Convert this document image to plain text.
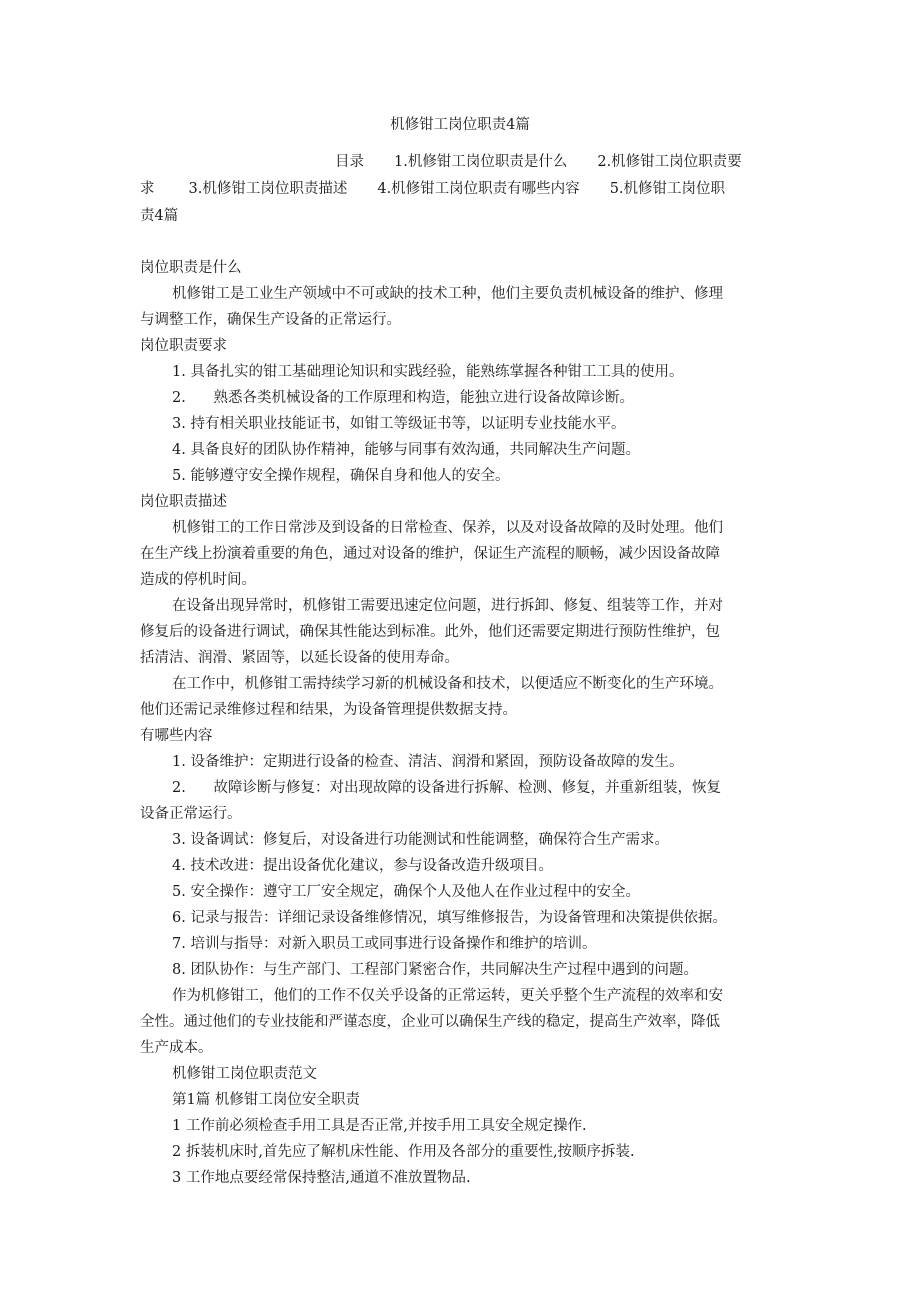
机修钳工岗位职责4篇
目录 1.机修钳工岗位职责是什么 2.机修钳工岗位职责要
求 3.机修钳工岗位职责描述 4.机修钳工岗位职责有哪些内容 5.机修钳工岗位职
责4篇
岗位职责是什么
机修钳工是工业生产领域中不可或缺的技术工种，他们主要负责机械设备的维护、修理
与调整工作，确保生产设备的正常运行。
岗位职责要求
1. 具备扎实的钳工基础理论知识和实践经验，能熟练掌握各种钳工工具的使用。
2.      熟悉各类机械设备的工作原理和构造，能独立进行设备故障诊断。
3. 持有相关职业技能证书，如钳工等级证书等，以证明专业技能水平。
4. 具备良好的团队协作精神，能够与同事有效沟通，共同解决生产问题。
5. 能够遵守安全操作规程，确保自身和他人的安全。
岗位职责描述
机修钳工的工作日常涉及到设备的日常检查、保养，以及对设备故障的及时处理。他们
在生产线上扮演着重要的角色，通过对设备的维护，保证生产流程的顺畅，减少因设备故障
造成的停机时间。
在设备出现异常时，机修钳工需要迅速定位问题，进行拆卸、修复、组装等工作，并对
修复后的设备进行调试，确保其性能达到标准。此外，他们还需要定期进行预防性维护，包
括清洁、润滑、紧固等，以延长设备的使用寿命。
在工作中，机修钳工需持续学习新的机械设备和技术，以便适应不断变化的生产环境。
他们还需记录维修过程和结果，为设备管理提供数据支持。
有哪些内容
1. 设备维护：定期进行设备的检查、清洁、润滑和紧固，预防设备故障的发生。
2.      故障诊断与修复：对出现故障的设备进行拆解、检测、修复，并重新组装，恢复
设备正常运行。
3. 设备调试：修复后，对设备进行功能测试和性能调整，确保符合生产需求。
4. 技术改进：提出设备优化建议，参与设备改造升级项目。
5. 安全操作：遵守工厂安全规定，确保个人及他人在作业过程中的安全。
6. 记录与报告：详细记录设备维修情况，填写维修报告，为设备管理和决策提供依据。
7. 培训与指导：对新入职员工或同事进行设备操作和维护的培训。
8. 团队协作：与生产部门、工程部门紧密合作，共同解决生产过程中遇到的问题。
作为机修钳工，他们的工作不仅关乎设备的正常运转，更关乎整个生产流程的效率和安
全性。通过他们的专业技能和严谨态度，企业可以确保生产线的稳定，提高生产效率，降低
生产成本。
机修钳工岗位职责范文
第1篇 机修钳工岗位安全职责
1 工作前必须检查手用工具是否正常,并按手用工具安全规定操作.
2 拆装机床时,首先应了解机床性能、作用及各部分的重要性,按顺序拆装.
3 工作地点要经常保持整洁,通道不准放置物品.
